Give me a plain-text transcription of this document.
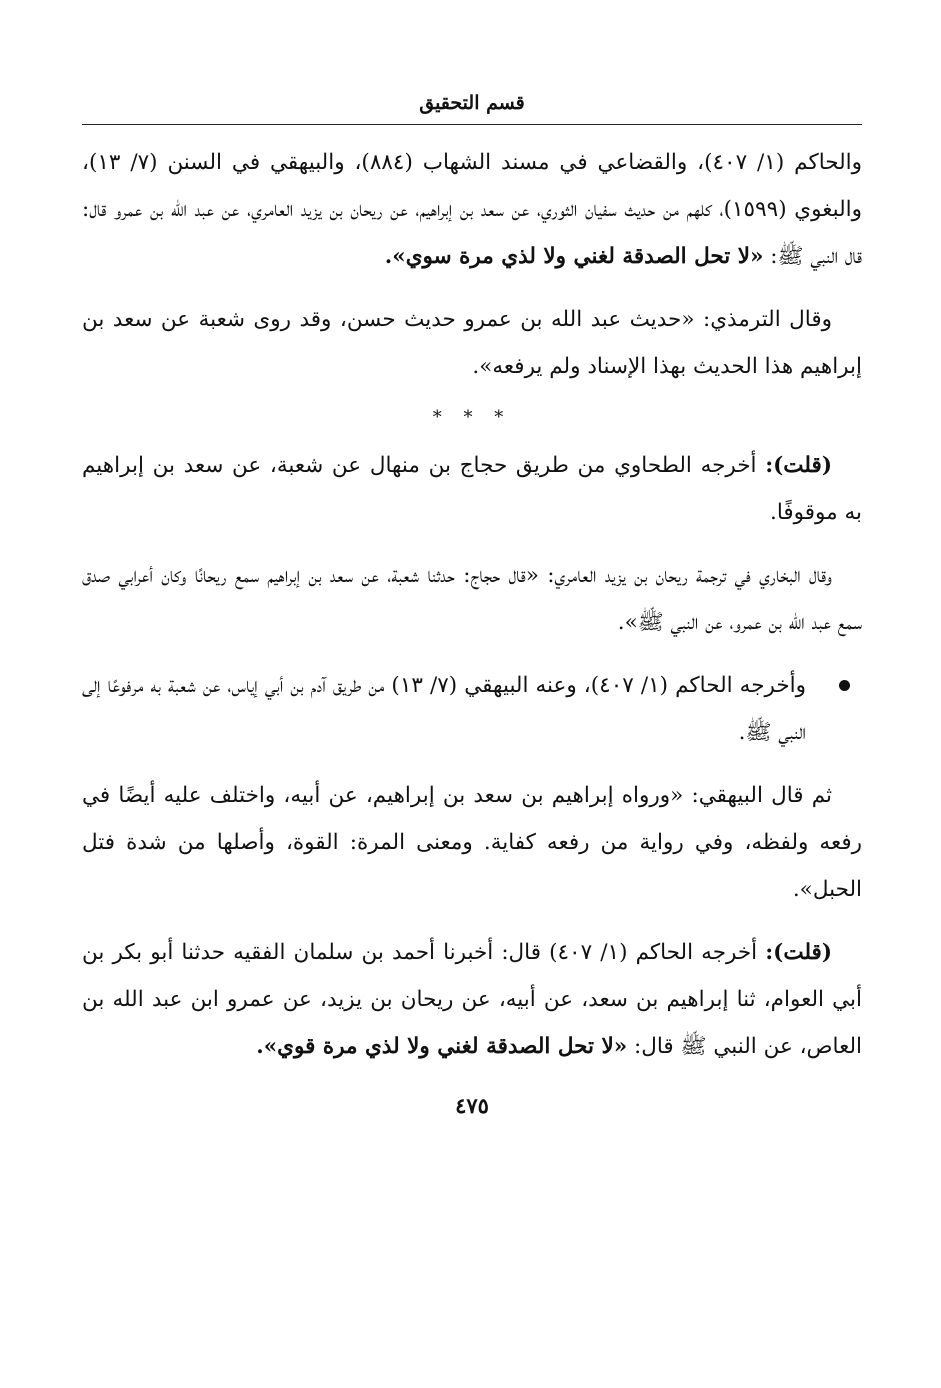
قسم التحقيق

والحاكم (١/ ٤٠٧)، والقضاعي في مسند الشهاب (٨٨٤)، والبيهقي في السنن (٧/ ١٣)، والبغوي (١٥٩٩)، كلهم من حديث سفيان الثوري، عن سعد بن إبراهيم، عن ريحان بن يزيد العامري، عن عبد الله بن عمرو قال: قال النبي ﷺ: «لا تحل الصدقة لغني ولا لذي مرة سوي».

وقال الترمذي: «حديث عبد الله بن عمرو حديث حسن، وقد روى شعبة عن سعد بن إبراهيم هذا الحديث بهذا الإسناد ولم يرفعه».

* * *

(قلت): أخرجه الطحاوي من طريق حجاج بن منهال عن شعبة، عن سعد بن إبراهيم به موقوفًا.

وقال البخاري في ترجمة ريحان بن يزيد العامري: «قال حجاج: حدثنا شعبة، عن سعد بن إبراهيم سمع ريحانًا وكان أعرابي صدق سمع عبد الله بن عمرو، عن النبي ﷺ».

وأخرجه الحاكم (١/ ٤٠٧)، وعنه البيهقي (٧/ ١٣) من طريق آدم بن أبي إياس، عن شعبة به مرفوعًا إلى النبي ﷺ.

ثم قال البيهقي: «ورواه إبراهيم بن سعد بن إبراهيم، عن أبيه، واختلف عليه أيضًا في رفعه ولفظه، وفي رواية من رفعه كفاية. ومعنى المرة: القوة، وأصلها من شدة فتل الحبل».

(قلت): أخرجه الحاكم (١/ ٤٠٧) قال: أخبرنا أحمد بن سلمان الفقيه حدثنا أبو بكر بن أبي العوام، ثنا إبراهيم بن سعد، عن أبيه، عن ريحان بن يزيد، عن عمرو ابن عبد الله بن العاص، عن النبي ﷺ قال: «لا تحل الصدقة لغني ولا لذي مرة قوي».

٤٧٥
